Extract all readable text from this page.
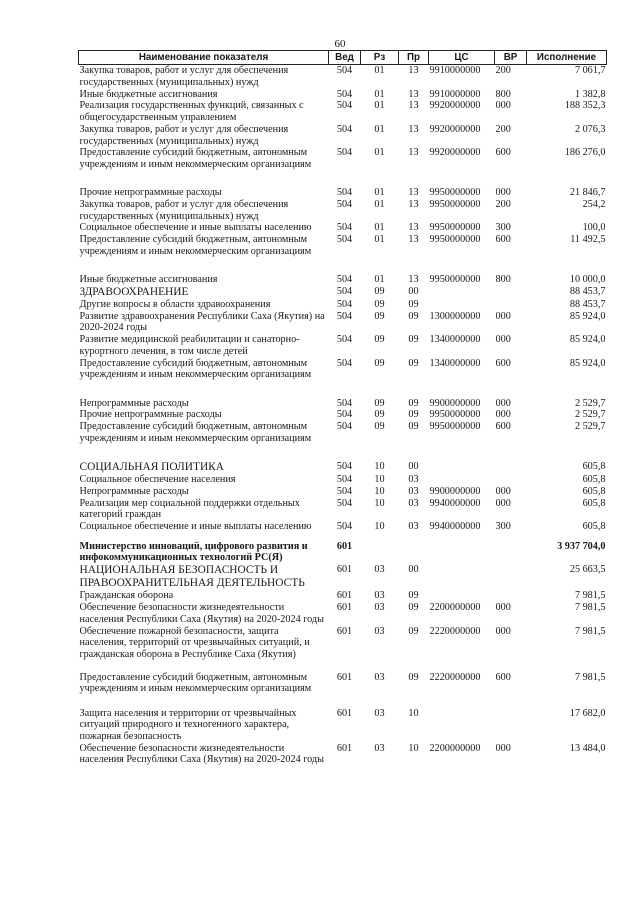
60
Наименование показателя	Вед	Рз	Пр	ЦС	ВР	Исполнение
Закупка товаров, работ и услуг для обеспечения государственных (муниципальных) нужд	504	01	13	9910000000	200	7 061,7
Иные бюджетные ассигнования	504	01	13	9910000000	800	1 382,8
Реализация государственных функций, связанных с общегосударственным управлением	504	01	13	9920000000	000	188 352,3
Закупка товаров, работ и услуг для обеспечения государственных (муниципальных) нужд	504	01	13	9920000000	200	2 076,3
Предоставление субсидий бюджетным, автономным учреждениям и иным некоммерческим организациям	504	01	13	9920000000	600	186 276,0
Прочие непрограммные расходы	504	01	13	9950000000	000	21 846,7
Закупка товаров, работ и услуг для обеспечения государственных (муниципальных) нужд	504	01	13	9950000000	200	254,2
Социальное обеспечение и иные выплаты населению	504	01	13	9950000000	300	100,0
Предоставление субсидий бюджетным, автономным учреждениям и иным некоммерческим организациям	504	01	13	9950000000	600	11 492,5
Иные бюджетные ассигнования	504	01	13	9950000000	800	10 000,0
ЗДРАВООХРАНЕНИЕ	504	09	00			88 453,7
Другие вопросы в области здравоохранения	504	09	09			88 453,7
Развитие здравоохранения Республики Саха (Якутия) на 2020-2024 годы	504	09	09	1300000000	000	85 924,0
Развитие медицинской реабилитации и санаторно-курортного лечения, в том числе детей	504	09	09	1340000000	000	85 924,0
Предоставление субсидий бюджетным, автономным учреждениям и иным некоммерческим организациям	504	09	09	1340000000	600	85 924,0
Непрограммные расходы	504	09	09	9900000000	000	2 529,7
Прочие непрограммные расходы	504	09	09	9950000000	000	2 529,7
Предоставление субсидий бюджетным, автономным учреждениям и иным некоммерческим организациям	504	09	09	9950000000	600	2 529,7
СОЦИАЛЬНАЯ ПОЛИТИКА	504	10	00			605,8
Социальное обеспечение населения	504	10	03			605,8
Непрограммные расходы	504	10	03	9900000000	000	605,8
Реализация мер социальной поддержки отдельных категорий граждан	504	10	03	9940000000	000	605,8
Социальное обеспечение и иные выплаты населению	504	10	03	9940000000	300	605,8
Министерство инноваций, цифрового развития и инфокоммуникационных технологий РС(Я)	601					3 937 704,0
НАЦИОНАЛЬНАЯ БЕЗОПАСНОСТЬ И ПРАВООХРАНИТЕЛЬНАЯ ДЕЯТЕЛЬНОСТЬ	601	03	00			25 663,5
Гражданская оборона	601	03	09			7 981,5
Обеспечение безопасности жизнедеятельности населения Республики Саха (Якутия) на 2020-2024 годы	601	03	09	2200000000	000	7 981,5
Обеспечение пожарной безопасности, защита населения, территорий от чрезвычайных ситуаций, и гражданская оборона в Республике Саха (Якутия)	601	03	09	2220000000	000	7 981,5
Предоставление субсидий бюджетным, автономным учреждениям и иным некоммерческим организациям	601	03	09	2220000000	600	7 981,5
Защита населения и территории от чрезвычайных ситуаций природного и техногенного характера, пожарная безопасность	601	03	10			17 682,0
Обеспечение безопасности жизнедеятельности населения Республики Саха (Якутия) на 2020-2024 годы	601	03	10	2200000000	000	13 484,0
